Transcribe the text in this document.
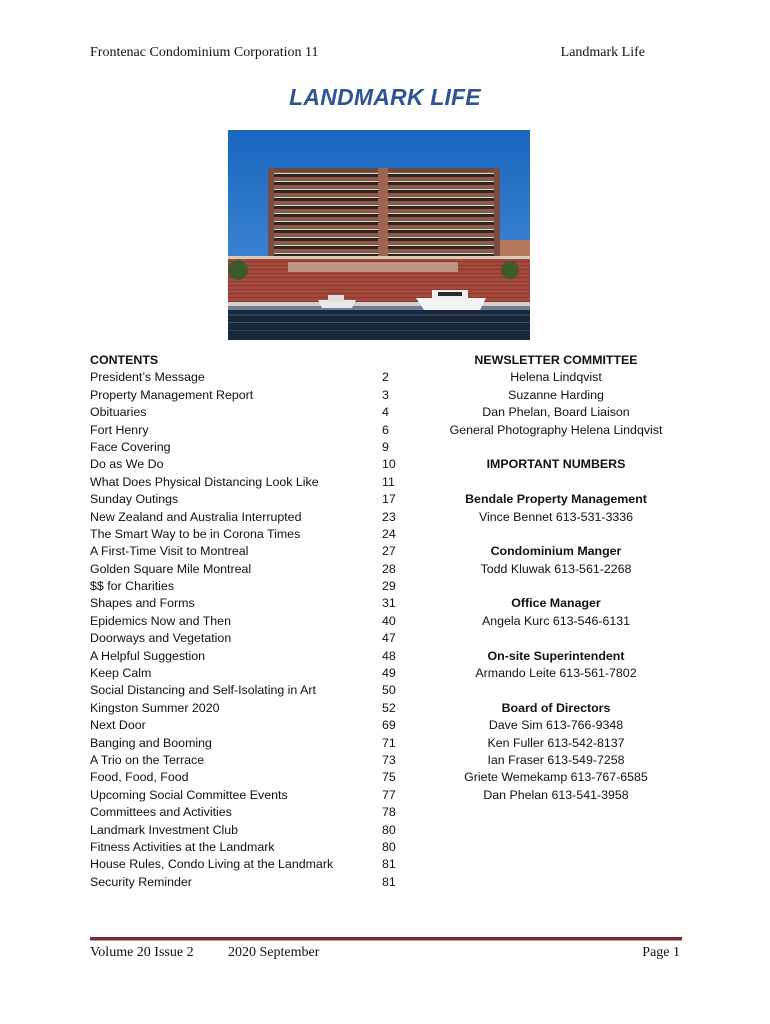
Frontenac Condominium Corporation 11	Landmark Life
LANDMARK LIFE
CONTENTS
President’s Message	2
Property Management Report	3
Obituaries	4
Fort Henry	6
Face Covering	9
Do as We Do	10
What Does Physical Distancing Look Like	11
Sunday Outings	17
New Zealand and Australia Interrupted	23
The Smart Way to be in Corona Times	24
A First-Time Visit to Montreal	27
Golden Square Mile Montreal	28
$$ for Charities	29
Shapes and Forms	31
Epidemics Now and Then	40
Doorways and Vegetation	47
A Helpful Suggestion	48
Keep Calm	49
Social Distancing and Self-Isolating in Art	50
Kingston Summer 2020	52
Next Door	69
Banging and Booming	71
A Trio on the Terrace	73
Food, Food, Food	75
Upcoming Social Committee Events	77
Committees and Activities	78
Landmark Investment Club	80
Fitness Activities at the Landmark	80
House Rules, Condo Living at the Landmark	81
Security Reminder	81
NEWSLETTER COMMITTEE
Helena Lindqvist
Suzanne Harding
Dan Phelan, Board Liaison
General Photography Helena Lindqvist
IMPORTANT NUMBERS
Bendale Property Management
Vince Bennet 613-531-3336
Condominium Manger
Todd Kluwak 613-561-2268
Office Manager
Angela Kurc 613-546-6131
On-site Superintendent
Armando Leite 613-561-7802
Board of Directors
Dave Sim 613-766-9348
Ken Fuller 613-542-8137
Ian Fraser 613-549-7258
Griete Wemekamp 613-767-6585
Dan Phelan 613-541-3958
Volume 20 Issue 2 2020 September	Page 1
